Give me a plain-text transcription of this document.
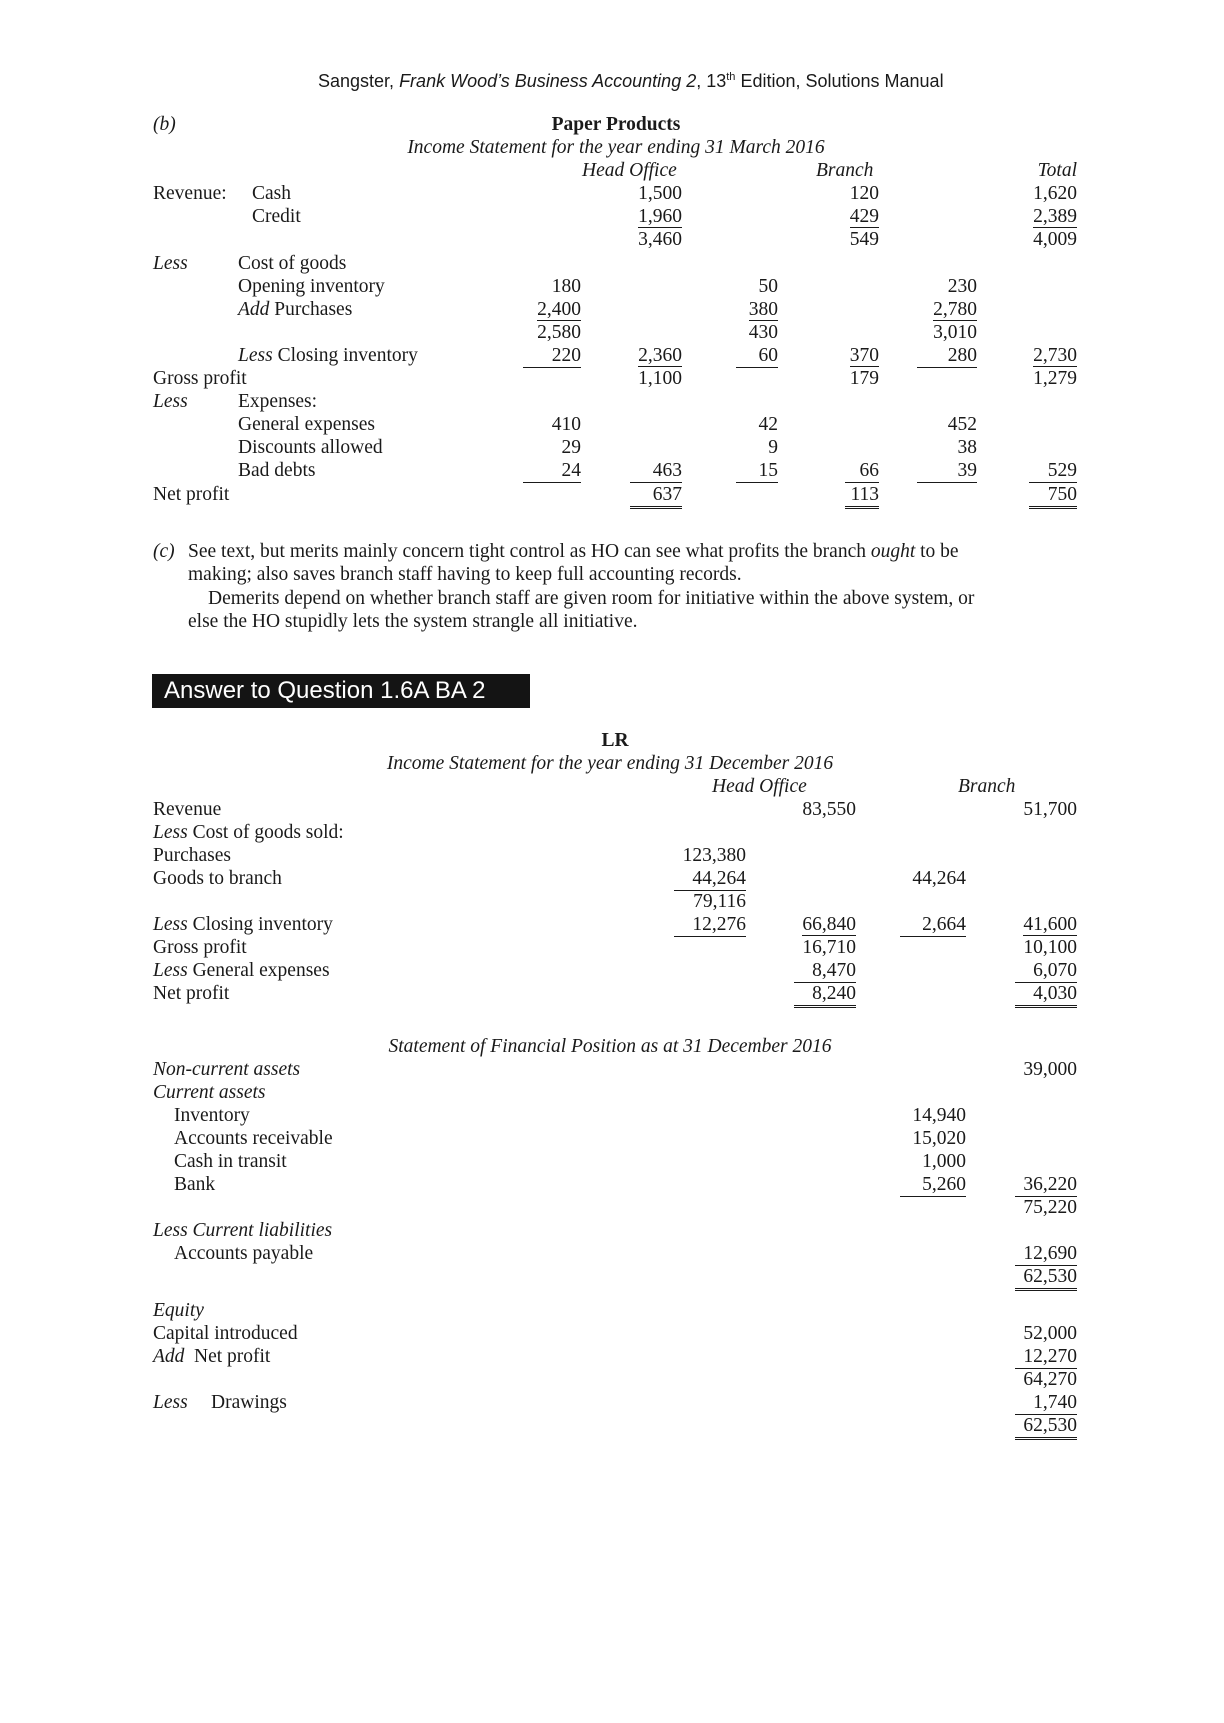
Sangster, Frank Wood’s Business Accounting 2, 13th Edition, Solutions Manual
(b)	Paper Products
Income Statement for the year ending 31 March 2016
Head Office	Branch	Total
Revenue: Cash	1,500	120	1,620
Credit	1,960	429	2,389
3,460	549	4,009
Less	Cost of goods
Opening inventory	180	50	230
Add Purchases	2,400	380	2,780
2,580	430	3,010
Less Closing inventory	220	2,360	60	370	280	2,730
Gross profit	1,100	179	1,279
Less	Expenses:
General expenses	410	42	452
Discounts allowed	29	9	38
Bad debts	24	463	15	66	39	529
Net profit	637	113	750
(c) See text, but merits mainly concern tight control as HO can see what profits the branch ought to be
making; also saves branch staff having to keep full accounting records.
Demerits depend on whether branch staff are given room for initiative within the above system, or
else the HO stupidly lets the system strangle all initiative.
Answer to Question 1.6A BA 2
LR
Income Statement for the year ending 31 December 2016
Head Office	Branch
Revenue	83,550	51,700
Less Cost of goods sold:
Purchases	123,380
Goods to branch	44,264	44,264
79,116
Less Closing inventory	12,276	66,840	2,664	41,600
Gross profit	16,710	10,100
Less General expenses	8,470	6,070
Net profit	8,240	4,030
Statement of Financial Position as at 31 December 2016
Non-current assets	39,000
Current assets
Inventory	14,940
Accounts receivable	15,020
Cash in transit	1,000
Bank	5,260	36,220
75,220
Less Current liabilities
Accounts payable	12,690
62,530
Equity
Capital introduced	52,000
Add Net profit	12,270
64,270
Less Drawings	1,740
62,530
